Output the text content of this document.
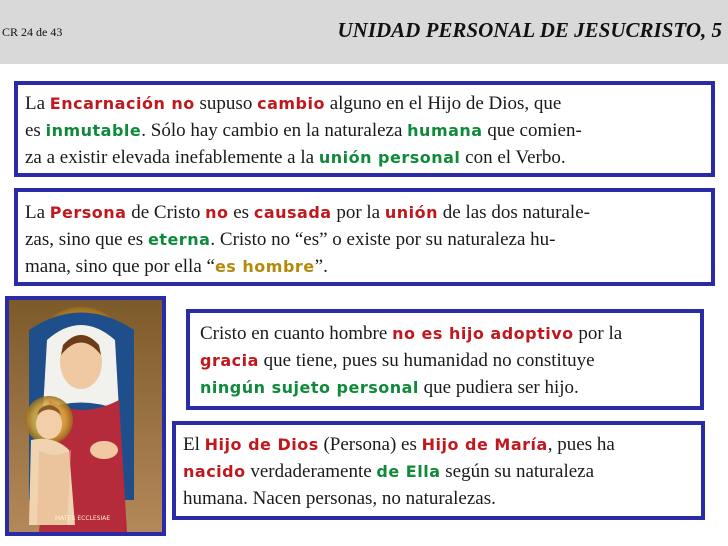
CR 24 de 43	UNIDAD PERSONAL DE JESUCRISTO, 5

La Encarnación no supuso cambio alguno en el Hijo de Dios, que

es inmutable. Sólo hay cambio en la naturaleza humana que comien-

za a existir elevada inefablemente a la unión personal con el Verbo.

La Persona de Cristo no es causada por la unión de las dos naturale-

zas, sino que es eterna. Cristo no “es” o existe por su naturaleza hu-

mana, sino que por ella “es hombre”.

MATER ECCLESIAE

Cristo en cuanto hombre no es hijo adoptivo por la

gracia que tiene, pues su humanidad no constituye

ningún sujeto personal que pudiera ser hijo.

El Hijo de Dios (Persona) es Hijo de María, pues ha

nacido verdaderamente de Ella según su naturaleza

humana. Nacen personas, no naturalezas.
